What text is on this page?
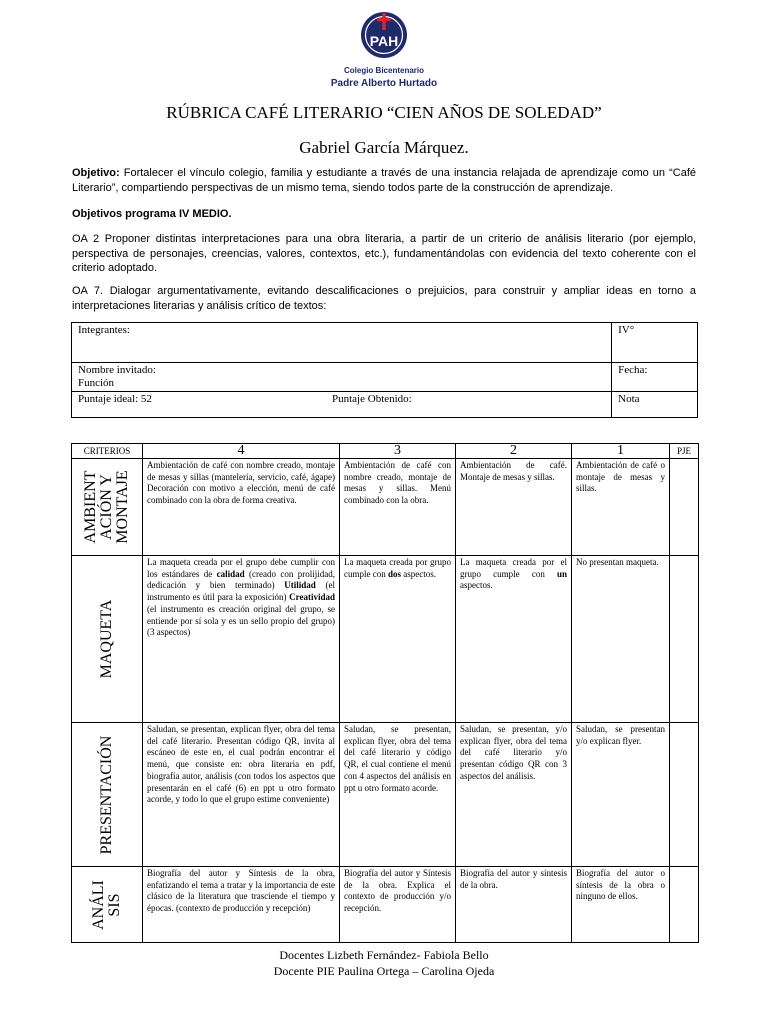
PAH
Colegio Bicentenario
Padre Alberto Hurtado
RÚBRICA CAFÉ LITERARIO “CIEN AÑOS DE SOLEDAD”
Gabriel García Márquez.
Objetivo: Fortalecer el vínculo colegio, familia y estudiante a través de una instancia relajada de aprendizaje como un “Café Literario”, compartiendo perspectivas de un mismo tema, siendo todos parte de la construcción de aprendizaje.
Objetivos programa IV MEDIO.
OA 2 Proponer distintas interpretaciones para una obra literaria, a partir de un criterio de análisis literario (por ejemplo, perspectiva de personajes, creencias, valores, contextos, etc.), fundamentándolas con evidencia del texto coherente con el criterio adoptado.
OA 7. Dialogar argumentativamente, evitando descalificaciones o prejuicios, para construir y ampliar ideas en torno a interpretaciones literarias y análisis crítico de textos:
Integrantes:	IV°

Nombre invitado:
Función	Fecha:

Puntaje ideal: 52 Puntaje Obtenido:	Nota
CRITERIOS	4	3	2	1	PJE

AMBIENT ACIÓN Y MONTAJE	Ambientación de café con nombre creado, montaje de mesas y sillas (mantelería, servicio, café, ágape) Decoración con motivo a elección, menú de café combinado con la obra de forma creativa.	Ambientación de café con nombre creado, montaje de mesas y sillas. Menú combinado con la obra.	Ambientación de café. Montaje de mesas y sillas.	Ambientación de café o montaje de mesas y sillas.	

MAQUETA	La maqueta creada por el grupo debe cumplir con los estándares de calidad (creado con prolijidad, dedicación y bien terminado) Utilidad (el instrumento es útil para la exposición) Creatividad (el instrumento es creación original del grupo, se entiende por sí sola y es un sello propio del grupo) (3 aspectos)	La maqueta creada por grupo cumple con dos aspectos.	La maqueta creada por el grupo cumple con un aspectos.	No presentan maqueta.	

PRESENTACIÓN	Saludan, se presentan, explican flyer, obra del tema del café literario. Presentan código QR, invita al escáneo de este en, el cual podrán encontrar el menú, que consiste en: obra literaria en pdf, biografía autor, análisis (con todos los aspectos que presentarán en el café (6) en ppt u otro formato acorde, y todo lo que el grupo estime conveniente)	Saludan, se presentan, explican flyer, obra del tema del café literario y código QR, el cual contiene el menú con 4 aspectos del análisis en ppt u otro formato acorde.	Saludan, se presentan, y/o explican flyer, obra del tema del café literario y/o presentan código QR con 3 aspectos del análisis.	Saludan, se presentan y/o explican flyer.	

ANÁLI SIS	Biografía del autor y Síntesis de la obra, enfatizando el tema a tratar y la importancia de este clásico de la literatura que trasciende el tiempo y épocas. (contexto de producción y recepción)	Biografía del autor y Síntesis de la obra. Explica el contexto de producción y/o recepción.	Biografía del autor y síntesis de la obra.	Biografía del autor o síntesis de la obra o ninguno de ellos.	
Docentes Lizbeth Fernández- Fabiola Bello
Docente PIE Paulina Ortega – Carolina Ojeda
